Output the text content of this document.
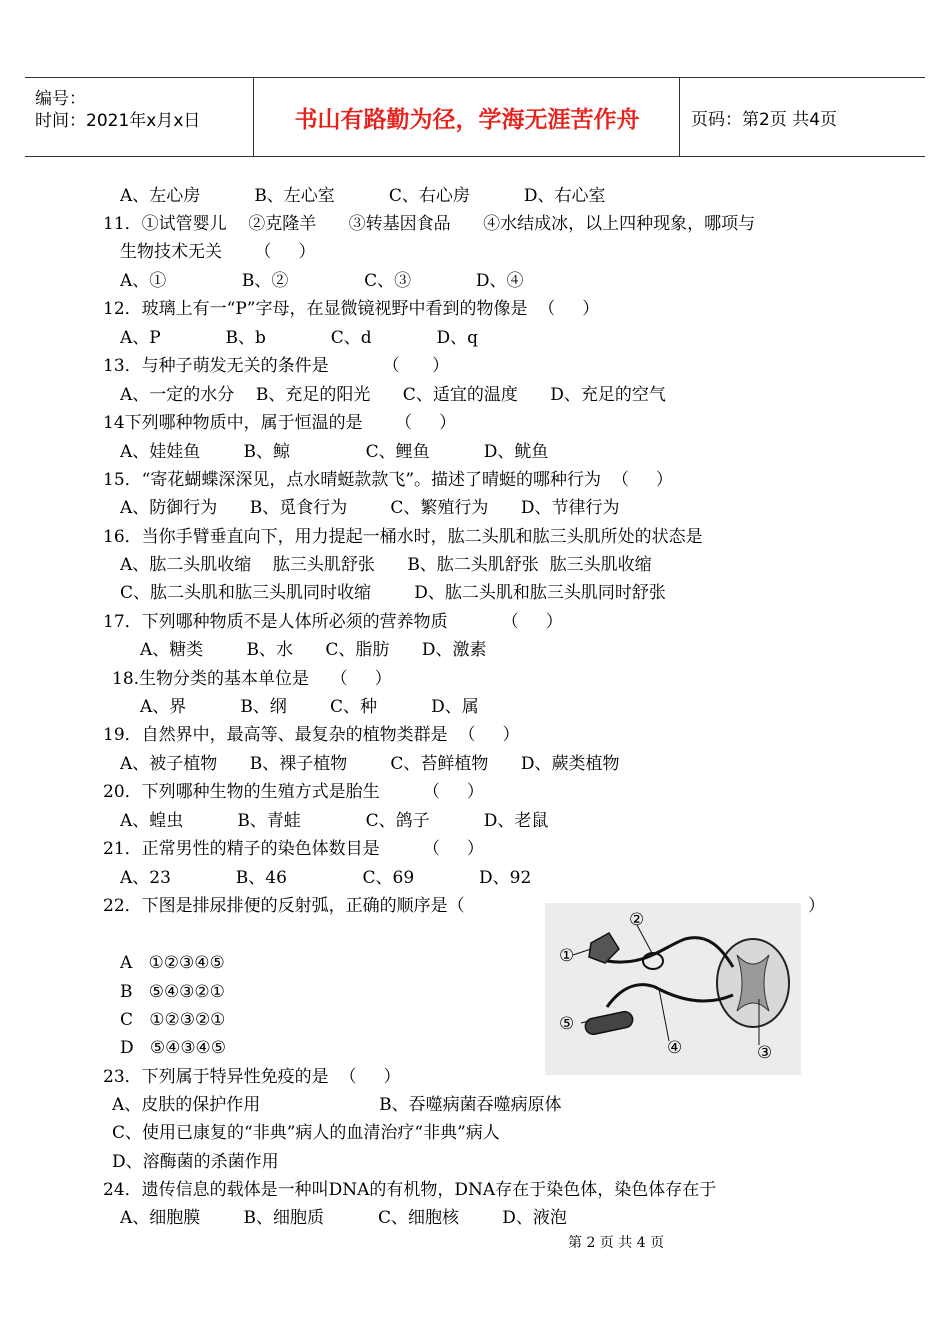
编号：
时间：2021年x月x日	书山有路勤为径，学海无涯苦作舟	页码：第2页 共4页
A、左心房          B、左心室          C、右心房          D、右心室
11．①试管婴儿    ②克隆羊      ③转基因食品      ④水结成冰，以上四种现象，哪项与
生物技术无关      （     ）
A、①              B、②              C、③            D、④
12．玻璃上有一“P”字母，在显微镜视野中看到的物像是  （     ）
A、P            B、b            C、d            D、q
13．与种子萌发无关的条件是          （      ）
A、一定的水分    B、充足的阳光      C、适宜的温度      D、充足的空气
14下列哪种物质中，属于恒温的是      （     ）
A、娃娃鱼        B、鲸              C、鲤鱼          D、鱿鱼
15．“寄花蝴蝶深深见，点水晴蜓款款飞”。描述了晴蜓的哪种行为  （     ）
A、防御行为      B、觅食行为        C、繁殖行为      D、节律行为
16．当你手臂垂直向下，用力提起一桶水时，肱二头肌和肱三头肌所处的状态是
A、肱二头肌收缩    肱三头肌舒张      B、肱二头肌舒张  肱三头肌收缩
C、肱二头肌和肱三头肌同时收缩        D、肱二头肌和肱三头肌同时舒张
17．下列哪种物质不是人体所必须的营养物质          （     ）
A、糖类        B、水      C、脂肪      D、激素
18.生物分类的基本单位是    （     ）
A、界          B、纲        C、种          D、属
19．自然界中，最高等、最复杂的植物类群是  （     ）
A、被子植物      B、裸子植物        C、苔鲜植物      D、蕨类植物
20．下列哪种生物的生殖方式是胎生        （     ）
A、蝗虫          B、青蛙            C、鸽子          D、老鼠
21．正常男性的精子的染色体数目是        （     ）
A、23            B、46              C、69            D、92
22．下图是排尿排便的反射弧，正确的顺序是（	）
A   ①②③④⑤
B   ⑤④③②①
C   ①②③②①
D   ⑤④③④⑤
23．下列属于特异性免疫的是  （     ）
A、皮肤的保护作用                      B、吞噬病菌吞噬病原体
C、使用已康复的“非典”病人的血清治疗“非典”病人
D、溶酶菌的杀菌作用
24．遗传信息的载体是一种叫DNA的有机物，DNA存在于染色体，染色体存在于
A、细胞膜        B、细胞质          C、细胞核        D、液泡
①
②
③
④
⑤
第 2 页 共 4 页
